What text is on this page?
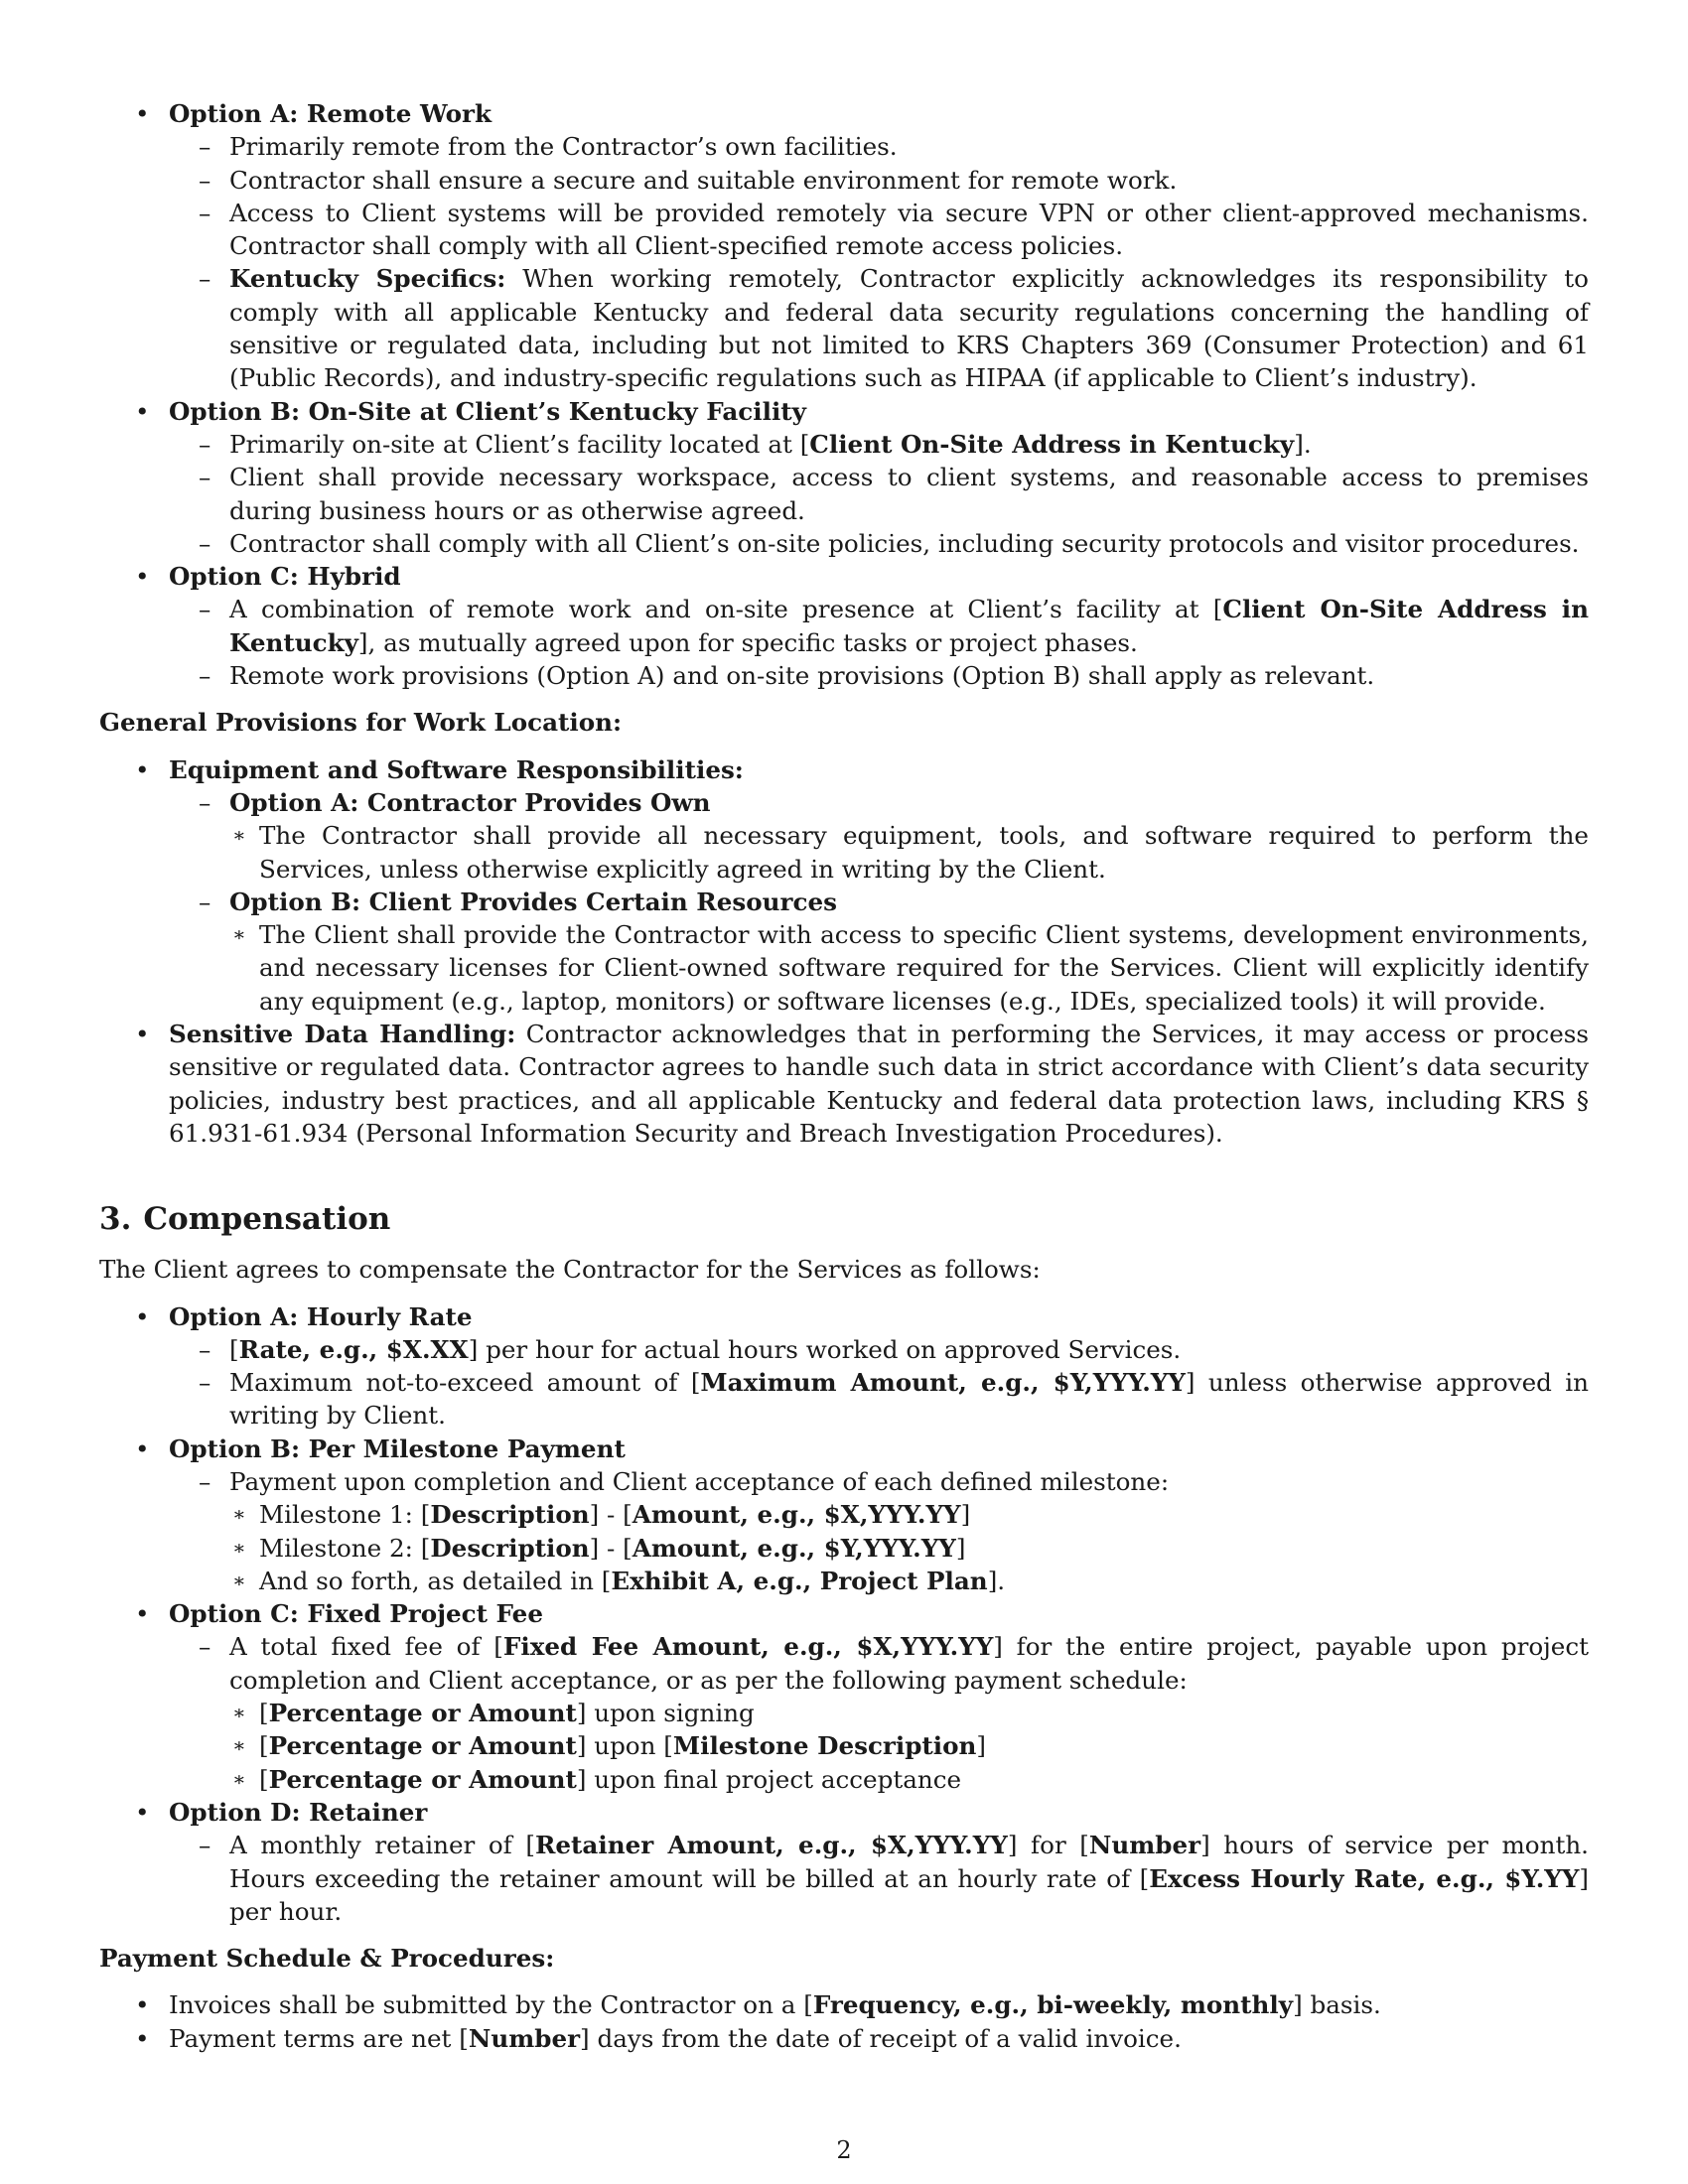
• Option A: Remote Work
– Primarily remote from the Contractor’s own facilities.
– Contractor shall ensure a secure and suitable environment for remote work.
– Access to Client systems will be provided remotely via secure VPN or other client-approved mechanisms. Contractor shall comply with all Client-specified remote access policies.
– Kentucky Specifics: When working remotely, Contractor explicitly acknowledges its responsibility to comply with all applicable Kentucky and federal data security regulations concerning the handling of sensitive or regulated data, including but not limited to KRS Chapters 369 (Consumer Protection) and 61 (Public Records), and industry-specific regulations such as HIPAA (if applicable to Client’s industry).
• Option B: On-Site at Client’s Kentucky Facility
– Primarily on-site at Client’s facility located at [Client On-Site Address in Kentucky].
– Client shall provide necessary workspace, access to client systems, and reasonable access to premises during business hours or as otherwise agreed.
– Contractor shall comply with all Client’s on-site policies, including security protocols and visitor procedures.
• Option C: Hybrid
– A combination of remote work and on-site presence at Client’s facility at [Client On-Site Address in Kentucky], as mutually agreed upon for specific tasks or project phases.
– Remote work provisions (Option A) and on-site provisions (Option B) shall apply as relevant.
General Provisions for Work Location:
• Equipment and Software Responsibilities:
– Option A: Contractor Provides Own
∗ The Contractor shall provide all necessary equipment, tools, and software required to perform the Services, unless otherwise explicitly agreed in writing by the Client.
– Option B: Client Provides Certain Resources
∗ The Client shall provide the Contractor with access to specific Client systems, development environments, and necessary licenses for Client-owned software required for the Services. Client will explicitly identify any equipment (e.g., laptop, monitors) or software licenses (e.g., IDEs, specialized tools) it will provide.
• Sensitive Data Handling: Contractor acknowledges that in performing the Services, it may access or process sensitive or regulated data. Contractor agrees to handle such data in strict accordance with Client’s data security policies, industry best practices, and all applicable Kentucky and federal data protection laws, including KRS § 61.931-61.934 (Personal Information Security and Breach Investigation Procedures).
3. Compensation
The Client agrees to compensate the Contractor for the Services as follows:
• Option A: Hourly Rate
– [Rate, e.g., $X.XX] per hour for actual hours worked on approved Services.
– Maximum not-to-exceed amount of [Maximum Amount, e.g., $Y,YYY.YY] unless otherwise approved in writing by Client.
• Option B: Per Milestone Payment
– Payment upon completion and Client acceptance of each defined milestone:
∗ Milestone 1: [Description] - [Amount, e.g., $X,YYY.YY]
∗ Milestone 2: [Description] - [Amount, e.g., $Y,YYY.YY]
∗ And so forth, as detailed in [Exhibit A, e.g., Project Plan].
• Option C: Fixed Project Fee
– A total fixed fee of [Fixed Fee Amount, e.g., $X,YYY.YY] for the entire project, payable upon project completion and Client acceptance, or as per the following payment schedule:
∗ [Percentage or Amount] upon signing
∗ [Percentage or Amount] upon [Milestone Description]
∗ [Percentage or Amount] upon final project acceptance
• Option D: Retainer
– A monthly retainer of [Retainer Amount, e.g., $X,YYY.YY] for [Number] hours of service per month. Hours exceeding the retainer amount will be billed at an hourly rate of [Excess Hourly Rate, e.g., $Y.YY] per hour.
Payment Schedule & Procedures:
• Invoices shall be submitted by the Contractor on a [Frequency, e.g., bi-weekly, monthly] basis.
• Payment terms are net [Number] days from the date of receipt of a valid invoice.
2
